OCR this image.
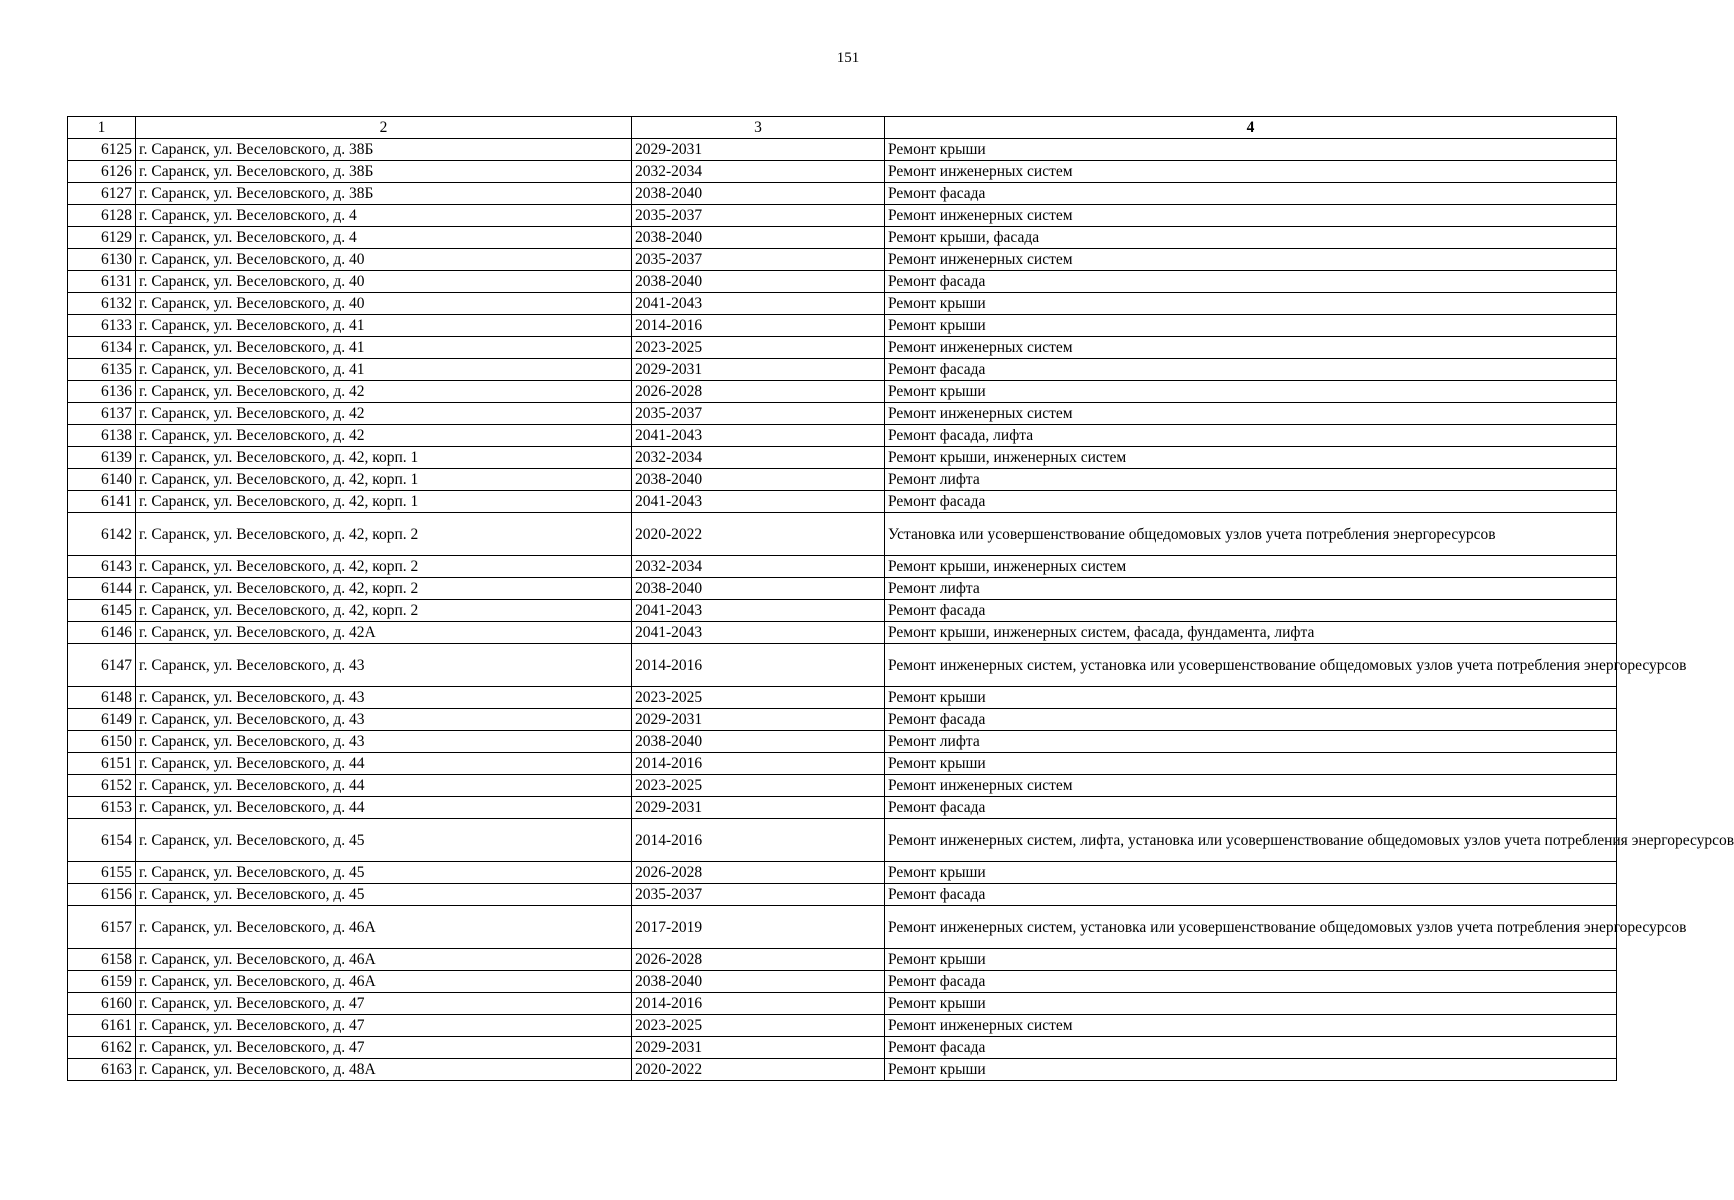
151
1	2	3	4
6125	г. Саранск, ул. Веселовского, д. 38Б	2029-2031	Ремонт крыши
6126	г. Саранск, ул. Веселовского, д. 38Б	2032-2034	Ремонт инженерных систем
6127	г. Саранск, ул. Веселовского, д. 38Б	2038-2040	Ремонт фасада
6128	г. Саранск, ул. Веселовского, д. 4	2035-2037	Ремонт инженерных систем
6129	г. Саранск, ул. Веселовского, д. 4	2038-2040	Ремонт крыши, фасада
6130	г. Саранск, ул. Веселовского, д. 40	2035-2037	Ремонт инженерных систем
6131	г. Саранск, ул. Веселовского, д. 40	2038-2040	Ремонт фасада
6132	г. Саранск, ул. Веселовского, д. 40	2041-2043	Ремонт крыши
6133	г. Саранск, ул. Веселовского, д. 41	2014-2016	Ремонт крыши
6134	г. Саранск, ул. Веселовского, д. 41	2023-2025	Ремонт инженерных систем
6135	г. Саранск, ул. Веселовского, д. 41	2029-2031	Ремонт фасада
6136	г. Саранск, ул. Веселовского, д. 42	2026-2028	Ремонт крыши
6137	г. Саранск, ул. Веселовского, д. 42	2035-2037	Ремонт инженерных систем
6138	г. Саранск, ул. Веселовского, д. 42	2041-2043	Ремонт фасада, лифта
6139	г. Саранск, ул. Веселовского, д. 42, корп. 1	2032-2034	Ремонт крыши, инженерных систем
6140	г. Саранск, ул. Веселовского, д. 42, корп. 1	2038-2040	Ремонт лифта
6141	г. Саранск, ул. Веселовского, д. 42, корп. 1	2041-2043	Ремонт фасада
6142	г. Саранск, ул. Веселовского, д. 42, корп. 2	2020-2022	Установка или усовершенствование общедомовых узлов учета потребления энергоресурсов
6143	г. Саранск, ул. Веселовского, д. 42, корп. 2	2032-2034	Ремонт крыши, инженерных систем
6144	г. Саранск, ул. Веселовского, д. 42, корп. 2	2038-2040	Ремонт лифта
6145	г. Саранск, ул. Веселовского, д. 42, корп. 2	2041-2043	Ремонт фасада
6146	г. Саранск, ул. Веселовского, д. 42А	2041-2043	Ремонт крыши, инженерных систем, фасада, фундамента, лифта
6147	г. Саранск, ул. Веселовского, д. 43	2014-2016	Ремонт инженерных систем, установка или усовершенствование общедомовых узлов учета потребления энергоресурсов
6148	г. Саранск, ул. Веселовского, д. 43	2023-2025	Ремонт крыши
6149	г. Саранск, ул. Веселовского, д. 43	2029-2031	Ремонт фасада
6150	г. Саранск, ул. Веселовского, д. 43	2038-2040	Ремонт лифта
6151	г. Саранск, ул. Веселовского, д. 44	2014-2016	Ремонт крыши
6152	г. Саранск, ул. Веселовского, д. 44	2023-2025	Ремонт инженерных систем
6153	г. Саранск, ул. Веселовского, д. 44	2029-2031	Ремонт фасада
6154	г. Саранск, ул. Веселовского, д. 45	2014-2016	Ремонт инженерных систем, лифта, установка или усовершенствование общедомовых узлов учета потребления энергоресурсов
6155	г. Саранск, ул. Веселовского, д. 45	2026-2028	Ремонт крыши
6156	г. Саранск, ул. Веселовского, д. 45	2035-2037	Ремонт фасада
6157	г. Саранск, ул. Веселовского, д. 46А	2017-2019	Ремонт инженерных систем, установка или усовершенствование общедомовых узлов учета потребления энергоресурсов
6158	г. Саранск, ул. Веселовского, д. 46А	2026-2028	Ремонт крыши
6159	г. Саранск, ул. Веселовского, д. 46А	2038-2040	Ремонт фасада
6160	г. Саранск, ул. Веселовского, д. 47	2014-2016	Ремонт крыши
6161	г. Саранск, ул. Веселовского, д. 47	2023-2025	Ремонт инженерных систем
6162	г. Саранск, ул. Веселовского, д. 47	2029-2031	Ремонт фасада
6163	г. Саранск, ул. Веселовского, д. 48А	2020-2022	Ремонт крыши
